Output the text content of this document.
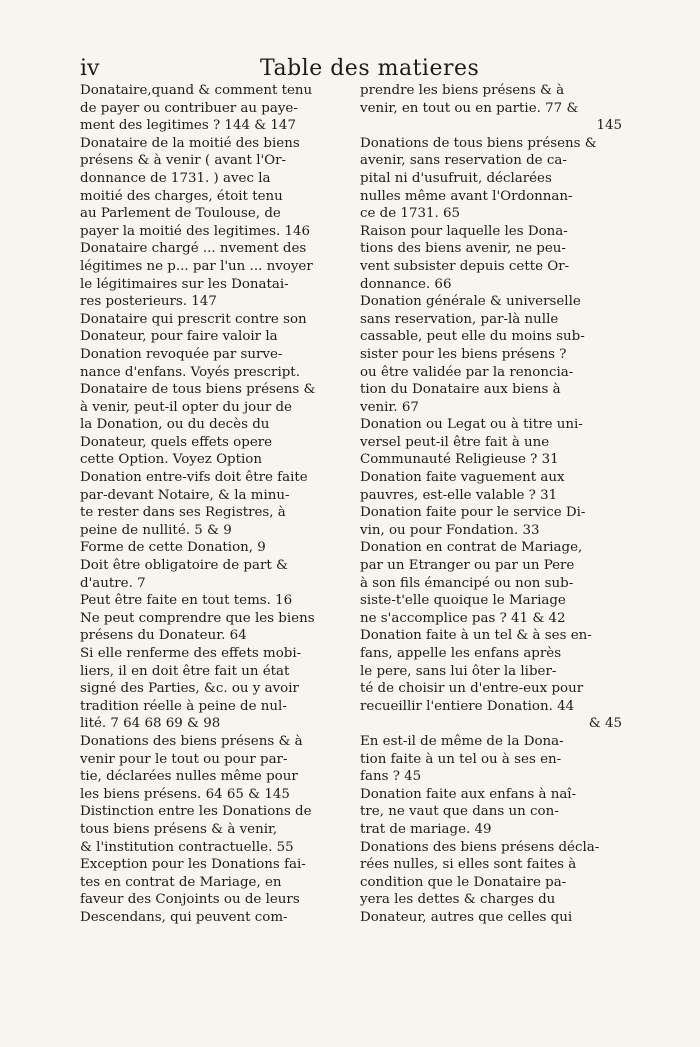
iv	Table des matieres

Donataire,quand & comment tenu
de payer ou contribuer au paye-
ment des legitimes ? 144 & 147

Donataire de la moitié des biens
présens & à venir ( avant l'Or-
donnance de 1731. ) avec la
moitié des charges, étoit tenu
au Parlement de Toulouse, de
payer la moitié des legitimes. 146

Donataire chargé ... nvement des
légitimes ne p... par l'un ... nvoyer
le légitimaires sur les Donatai-
res posterieurs. 147

Donataire qui prescrit contre son
Donateur, pour faire valoir la
Donation revoquée par surve-
nance d'enfans. Voyés prescript.

Donataire de tous biens présens &
à venir, peut-il opter du jour de
la Donation, ou du decès du
Donateur, quels effets opere
cette Option. Voyez Option

Donation entre-vifs doit être faite
par-devant Notaire, & la minu-
te rester dans ses Registres, à
peine de nullité. 5 & 9

Forme de cette Donation, 9

Doit être obligatoire de part &
d'autre. 7

Peut être faite en tout tems. 16

Ne peut comprendre que les biens
présens du Donateur. 64

Si elle renferme des effets mobi-
liers, il en doit être fait un état
signé des Parties, &c. ou y avoir
tradition réelle à peine de nul-
lité. 7 64 68 69 & 98

Donations des biens présens & à
venir pour le tout ou pour par-
tie, déclarées nulles même pour
les biens présens. 64 65 & 145

Distinction entre les Donations de
tous biens présens & à venir,
& l'institution contractuelle. 55

Exception pour les Donations fai-
tes en contrat de Mariage, en
faveur des Conjoints ou de leurs
Descendans, qui peuvent com-

prendre les biens présens & à
venir, en tout ou en partie. 77 &
145

Donations de tous biens présens &
avenir, sans reservation de ca-
pital ni d'usufruit, déclarées
nulles même avant l'Ordonnan-
ce de 1731. 65

Raison pour laquelle les Dona-
tions des biens avenir, ne peu-
vent subsister depuis cette Or-
donnance. 66

Donation générale & universelle
sans reservation, par-là nulle
cassable, peut elle du moins sub-
sister pour les biens présens ?
ou être validée par la renoncia-
tion du Donataire aux biens à
venir. 67

Donation ou Legat ou à titre uni-
versel peut-il être fait à une
Communauté Religieuse ? 31

Donation faite vaguement aux
pauvres, est-elle valable ? 31

Donation faite pour le service Di-
vin, ou pour Fondation. 33

Donation en contrat de Mariage,
par un Etranger ou par un Pere
à son fils émancipé ou non sub-
siste-t'elle quoique le Mariage
ne s'accomplice pas ? 41 & 42

Donation faite à un tel & à ses en-
fans, appelle les enfans après
le pere, sans lui ôter la liber-
té de choisir un d'entre-eux pour
recueillir l'entiere Donation. 44
& 45

En est-il de même de la Dona-
tion faite à un tel ou à ses en-
fans ? 45

Donation faite aux enfans à naî-
tre, ne vaut que dans un con-
trat de mariage. 49

Donations des biens présens décla-
rées nulles, si elles sont faites à
condition que le Donataire pa-
yera les dettes & charges du
Donateur, autres que celles qui
